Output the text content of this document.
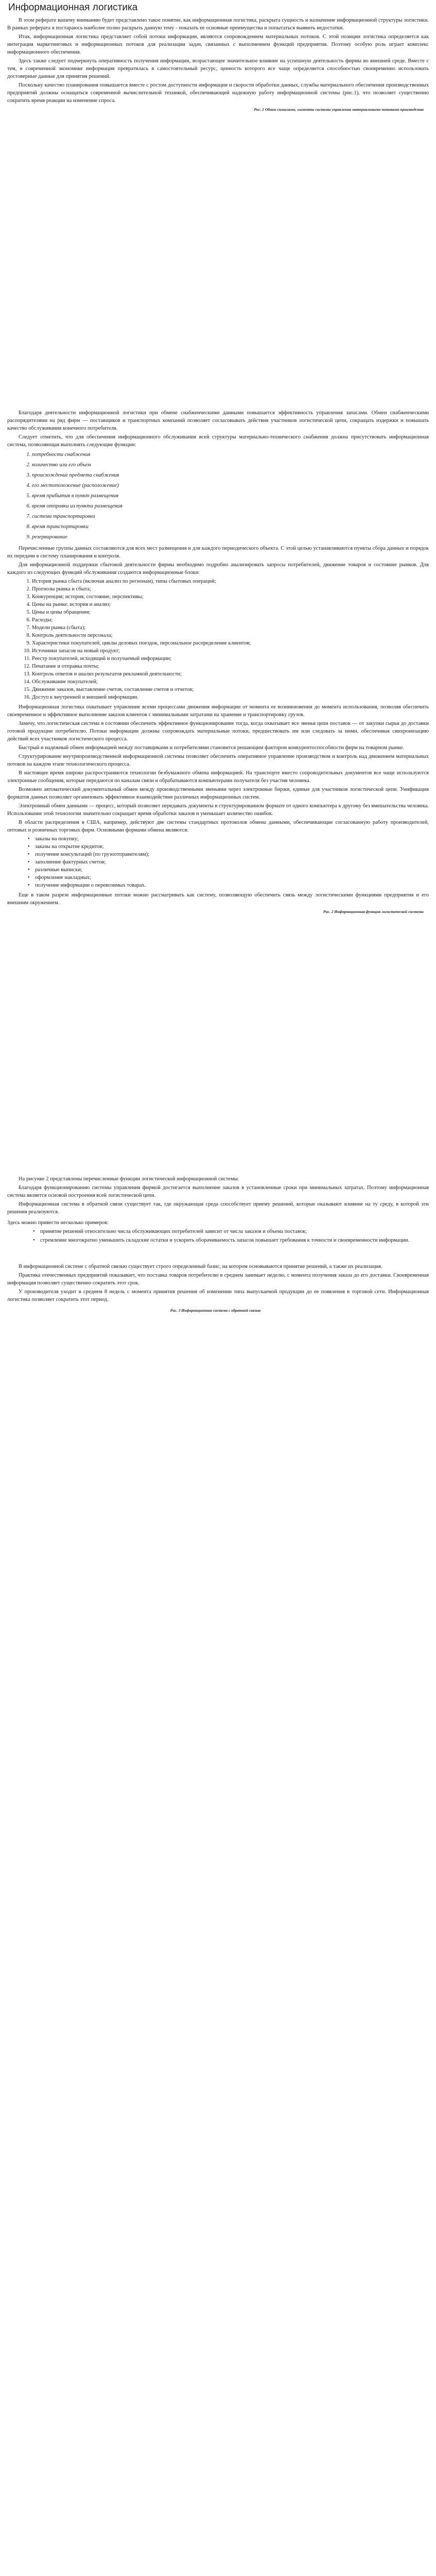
Информационная логистика

В этом реферате вашему вниманию будет представлено такое понятие, как информационная логистика, раскрыта сущность и назначение информационной структуры логистики. В рамках реферата я постараюсь наиболее полно раскрыть данную тему - показать ее основные преимущества и попытаться выявить недостатки.

Итак, информационная логистика представляет собой потоки информации, являются сопровождением материальных потоков. С этой позиции логистика определяется как интеграция маркетинговых и информационных потоков для реализации задач, связанных с выполнением функций предприятия. Поэтому особую роль играет комплекс информационного обеспечения.

Здесь также следует подчеркнуть оперативность получения информации, возрастающее значительное влияние на успешную деятельность фирмы во внешней среде. Вместе с тем, в современной экономике информация превратилась в самостоятельный ресурс, ценность которого все чаще определяется способностью своевременно использовать достоверные данные для принятия решений.

Поскольку качество планирования повышается вместе с ростом доступности информации и скорости обработки данных, службы материального обеспечения производственных предприятий должны оснащаться современной вычислительной техникой, обеспечивающей надежную работу информационной системы (рис.1), что позволяет существенно сократить время реакции на изменение спроса.

Рис. 1 Обмен сигналами, элементы системы управления материальными потоками производства

Благодаря деятельности информационной логистики при обмене снабженческими данными повышается эффективность управления запасами. Обмен снабженческими распорядителями на ряд фирм — поставщиков и транспортных компаний позволяет согласовывать действия участников логистической цепи, сокращать издержки и повышать качество обслуживания конечного потребителя.

Следует отметить, что для обеспечения информационного обслуживания всей структуры материально-технического снабжения должна присутствовать информационная система, позволяющая выполнять следующие функции:

1. потребности снабжения
2. количество или его объем
3. происхождение предмета снабжения
4. его местоположение (расположение)
5. время прибытия в пункт размещения
6. время отправки из пункта размещения
7. система транспортировки
8. время транспортировки
9. резервирование

Перечисленные группы данных составляются для всех мест размещения и для каждого периодического объекта. С этой целью устанавливаются пункты сбора данных и порядок их передачи в систему планирования и контроля.

Для информационной поддержки сбытовой деятельности фирмы необходимо подробно анализировать запросы потребителей, движение товаров и состояние рынков. Для каждого из следующих функций обслуживания создаются информационные блоки:

1. История рынка сбыта (включая анализ по регионам), типы сбытовых операций;
2. Прогнозы рынка и сбыта;
3. Конкуренция; история, состояние, перспективы;
4. Цены на рынке: история и анализ;
5. Цены и цены обращения;
6. Расходы;
7. Модели рынка (сбыта);
8. Контроль деятельности персонала;
9. Характеристики покупателей, циклы деловых поездок, персональное распределение клиентов;
10. Источники запасов на новый продукт;
11. Реестр покупателей, исходящий и получаемый информации;
12. Печатание и отправка почты;
13. Контроль ответов и анализ результатов рекламной деятельности;
14. Обслуживание покупателей;
15. Движение заказов, выставление счетов, составление счетов и отчетов;
16. Доступ к внутренней и внешней информации.

Информационная логистика охватывает управление всеми процессами движения информации от момента ее возникновения до момента использования, позволяя обеспечить своевременное и эффективное выполнение заказов клиентов с минимальными затратами на хранение и транспортировку грузов.

Замечу, что логистическая система в состоянии обеспечить эффективное функционирование тогда, когда охватывает все звенья цепи поставок — от закупки сырья до доставки готовой продукции потребителю. Потоки информации должны сопровождать материальные потоки, предшествовать им или следовать за ними, обеспечивая синхронизацию действий всех участников логистического процесса.

Быстрый и надежный обмен информацией между поставщиками и потребителями становится решающим фактором конкурентоспособности фирм на товарном рынке.

Структурирование внутрипроизводственной информационной системы позволяет обеспечить оперативное управление производством и контроль над движением материальных потоков на каждом этапе технологического процесса.

В настоящее время широко распространяются технологии безбумажного обмена информацией. На транспорте вместо сопроводительных документов все чаще используются электронные сообщения, которые передаются по каналам связи и обрабатываются компьютерами получателя без участия человека.

Возможен автоматический документальный обмен между производственными звеньями через электронные биржи, единые для участников логистической цепи. Унификация форматов данных позволяет организовать эффективное взаимодействие различных информационных систем.

Электронный обмен данными — процесс, который позволяет передавать документы в структурированном формате от одного компьютера к другому без вмешательства человека. Использование этой технологии значительно сокращает время обработки заказов и уменьшает количество ошибок.

В области распределения в США, например, действуют две системы стандартных протоколов обмена данными, обеспечивающие согласованную работу производителей, оптовых и розничных торговых фирм. Основными формами обмена являются:

• заказы на покупку;
• заказы на открытие кредитов;
• получение консультаций (по грузоотправителям);
• заполнение фактурных счетов;
• различные выписки;
• оформление накладных;
• получение информации о перевозимых товарах.

Еще в таком разрезе информационные потоки можно рассматривать как систему, позволяющую обеспечить связь между логистическими функциями предприятия и его внешним окружением.

Рис. 2 Информационная функция логистической системы

На рисунке 2 представлены перечисленные функции логистической информационной системы.

Благодаря функционированию системы управления фирмой достигается выполнение заказов в установленные сроки при минимальных затратах. Поэтому информационная система является основой построения всей логистической цепи.

Информационная система в обратной связи существует так, где окружающая среда способствует приему решений, которые оказывают влияние на ту среду, в которой эти решения реализуются.

Здесь можно привести несколько примеров:

• принятие решений относительно числа обслуживающих потребителей зависит от числа заказов и объема поставок;
• стремление многократно уменьшить складские остатки и ускорить оборачиваемость запасов повышает требования к точности и своевременности информации.

В информационной системе с обратной связью существует строго определенный базис, на котором основываются принятие решений, а также их реализация.

Практика отечественных предприятий показывает, что поставка товаров потребителю в среднем занимает неделю, с момента получения заказа до его доставки. Своевременная информация позволяет существенно сократить этот срок.

У производителя уходит в среднем 8 недель с момента принятия решения об изменении типа выпускаемой продукции до ее появления в торговой сети. Информационная логистика позволяет сократить этот период.

Рис. 3 Информационная система с обратной связью
